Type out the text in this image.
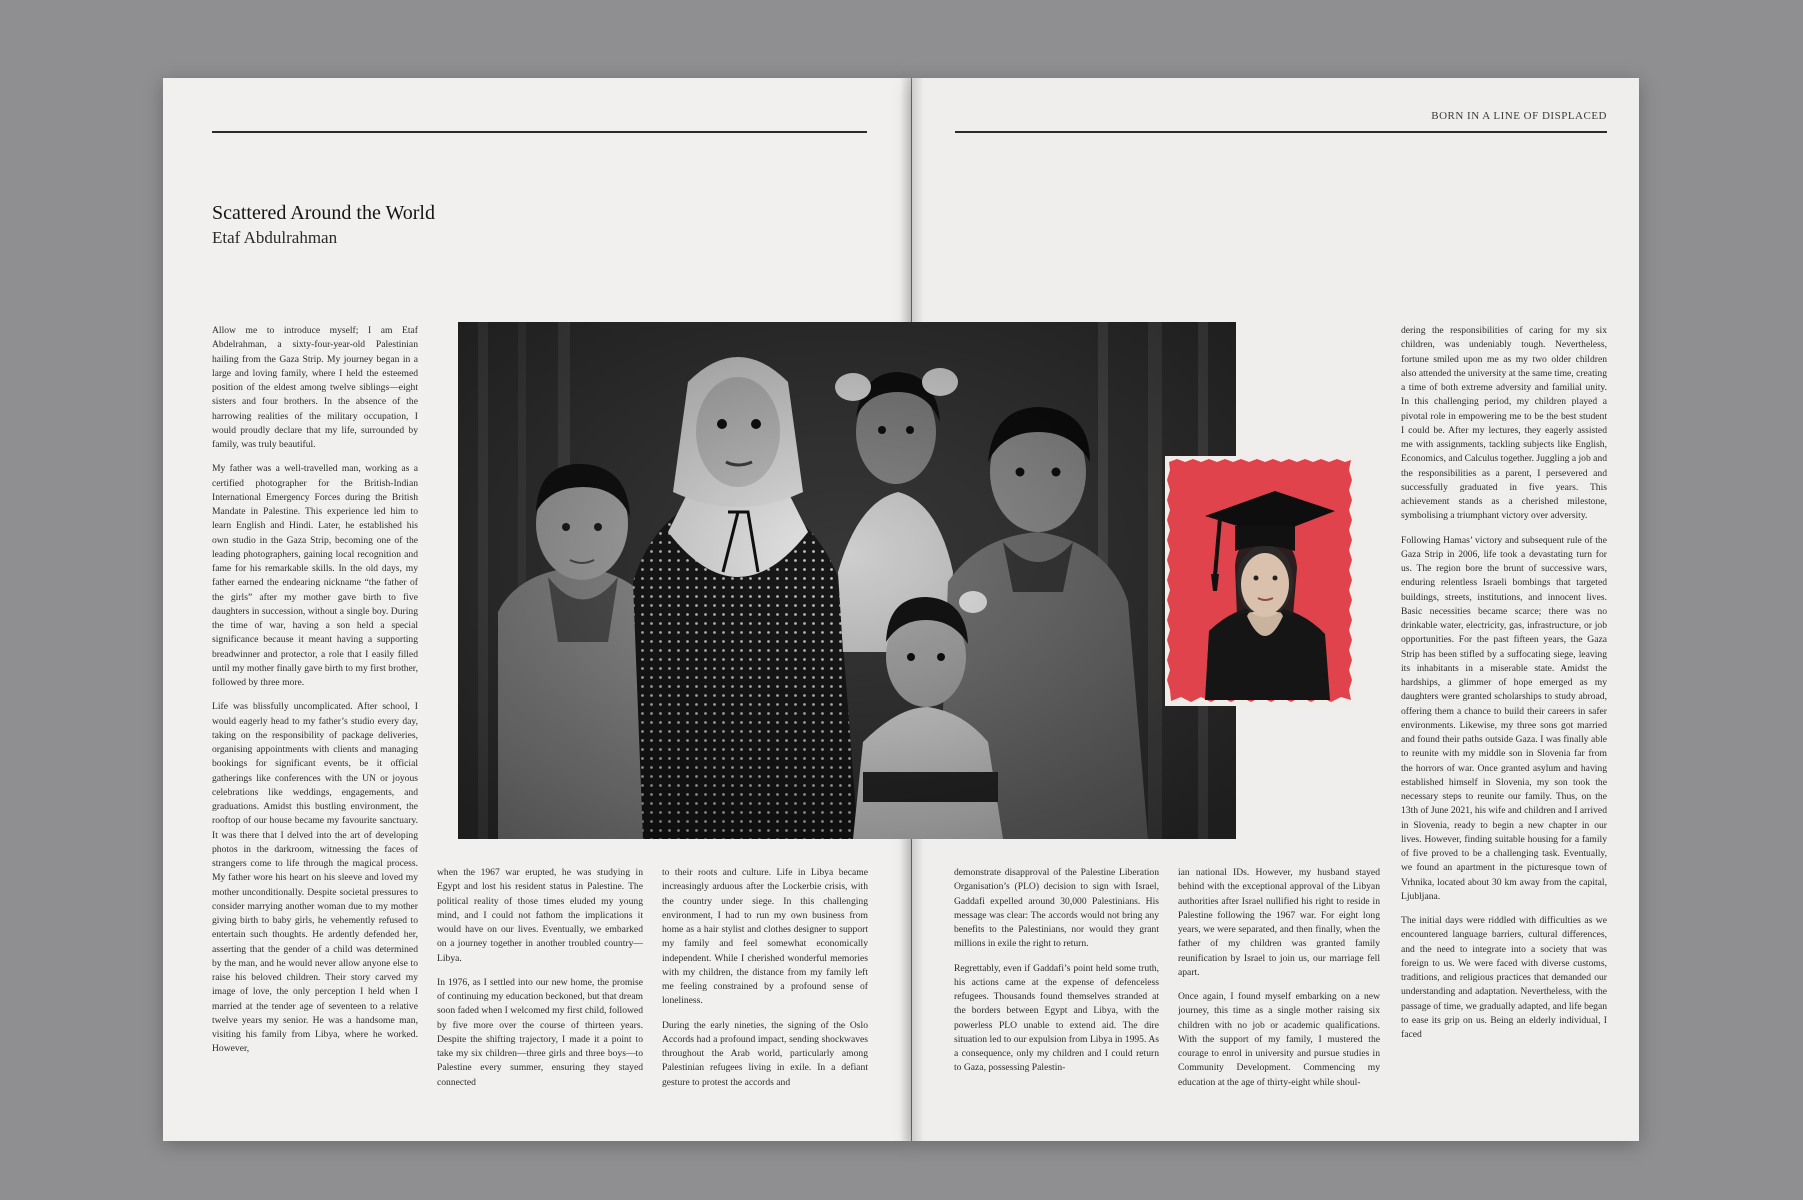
BORN IN A LINE OF DISPLACED
Scattered Around the World
Etaf Abdulrahman

Allow me to introduce myself; I am Etaf Abdelrahman, a sixty-four-year-old Palestinian hailing from the Gaza Strip. My journey began in a large and loving family, where I held the esteemed position of the eldest among twelve siblings—eight sisters and four brothers. In the absence of the harrowing realities of the military occupation, I would proudly declare that my life, surrounded by family, was truly beautiful.

My father was a well-travelled man, working as a certified photographer for the British-Indian International Emergency Forces during the British Mandate in Palestine. This experience led him to learn English and Hindi. Later, he established his own studio in the Gaza Strip, becoming one of the leading photographers, gaining local recognition and fame for his remarkable skills. In the old days, my father earned the endearing nickname “the father of the girls” after my mother gave birth to five daughters in succession, without a single boy. During the time of war, having a son held a special significance because it meant having a supporting breadwinner and protector, a role that I easily filled until my mother finally gave birth to my first brother, followed by three more.

Life was blissfully uncomplicated. After school, I would eagerly head to my father’s studio every day, taking on the responsibility of package deliveries, organising appointments with clients and managing bookings for significant events, be it official gatherings like conferences with the UN or joyous celebrations like weddings, engagements, and graduations. Amidst this bustling environment, the rooftop of our house became my favourite sanctuary. It was there that I delved into the art of developing photos in the darkroom, witnessing the faces of strangers come to life through the magical process. My father wore his heart on his sleeve and loved my mother unconditionally. Despite societal pressures to consider marrying another woman due to my mother giving birth to baby girls, he vehemently refused to entertain such thoughts. He ardently defended her, asserting that the gender of a child was determined by the man, and he would never allow anyone else to raise his beloved children. Their story carved my image of love, the only perception I held when I married at the tender age of seventeen to a relative twelve years my senior. He was a handsome man, visiting his family from Libya, where he worked. However,

when the 1967 war erupted, he was studying in Egypt and lost his resident status in Palestine. The political reality of those times eluded my young mind, and I could not fathom the implications it would have on our lives. Eventually, we embarked on a journey together in another troubled country—Libya.

In 1976, as I settled into our new home, the promise of continuing my education beckoned, but that dream soon faded when I welcomed my first child, followed by five more over the course of thirteen years. Despite the shifting trajectory, I made it a point to take my six children—three girls and three boys—to Palestine every summer, ensuring they stayed connected

to their roots and culture. Life in Libya became increasingly arduous after the Lockerbie crisis, with the country under siege. In this challenging environment, I had to run my own business from home as a hair stylist and clothes designer to support my family and feel somewhat economically independent. While I cherished wonderful memories with my children, the distance from my family left me feeling constrained by a profound sense of loneliness.

During the early nineties, the signing of the Oslo Accords had a profound impact, sending shockwaves throughout the Arab world, particularly among Palestinian refugees living in exile. In a defiant gesture to protest the accords and

demonstrate disapproval of the Palestine Liberation Organisation’s (PLO) decision to sign with Israel, Gaddafi expelled around 30,000 Palestinians. His message was clear: The accords would not bring any benefits to the Palestinians, nor would they grant millions in exile the right to return.

Regrettably, even if Gaddafi’s point held some truth, his actions came at the expense of defenceless refugees. Thousands found themselves stranded at the borders between Egypt and Libya, with the powerless PLO unable to extend aid. The dire situation led to our expulsion from Libya in 1995. As a consequence, only my children and I could return to Gaza, possessing Palestin-

ian national IDs. However, my husband stayed behind with the exceptional approval of the Libyan authorities after Israel nullified his right to reside in Palestine following the 1967 war. For eight long years, we were separated, and then finally, when the father of my children was granted family reunification by Israel to join us, our marriage fell apart.

Once again, I found myself embarking on a new journey, this time as a single mother raising six children with no job or academic qualifications. With the support of my family, I mustered the courage to enrol in university and pursue studies in Community Development. Commencing my education at the age of thirty-eight while shoul-

dering the responsibilities of caring for my six children, was undeniably tough. Nevertheless, fortune smiled upon me as my two older children also attended the university at the same time, creating a time of both extreme adversity and familial unity. In this challenging period, my children played a pivotal role in empowering me to be the best student I could be. After my lectures, they eagerly assisted me with assignments, tackling subjects like English, Economics, and Calculus together. Juggling a job and the responsibilities as a parent, I persevered and successfully graduated in five years. This achievement stands as a cherished milestone, symbolising a triumphant victory over adversity.

Following Hamas’ victory and subsequent rule of the Gaza Strip in 2006, life took a devastating turn for us. The region bore the brunt of successive wars, enduring relentless Israeli bombings that targeted buildings, streets, institutions, and innocent lives. Basic necessities became scarce; there was no drinkable water, electricity, gas, infrastructure, or job opportunities. For the past fifteen years, the Gaza Strip has been stifled by a suffocating siege, leaving its inhabitants in a miserable state. Amidst the hardships, a glimmer of hope emerged as my daughters were granted scholarships to study abroad, offering them a chance to build their careers in safer environments. Likewise, my three sons got married and found their paths outside Gaza. I was finally able to reunite with my middle son in Slovenia far from the horrors of war. Once granted asylum and having established himself in Slovenia, my son took the necessary steps to reunite our family. Thus, on the 13th of June 2021, his wife and children and I arrived in Slovenia, ready to begin a new chapter in our lives. However, finding suitable housing for a family of five proved to be a challenging task. Eventually, we found an apartment in the picturesque town of Vrhnika, located about 30 km away from the capital, Ljubljana.

The initial days were riddled with difficulties as we encountered language barriers, cultural differences, and the need to integrate into a society that was foreign to us. We were faced with diverse customs, traditions, and religious practices that demanded our understanding and adaptation. Nevertheless, with the passage of time, we gradually adapted, and life began to ease its grip on us. Being an elderly individual, I faced
